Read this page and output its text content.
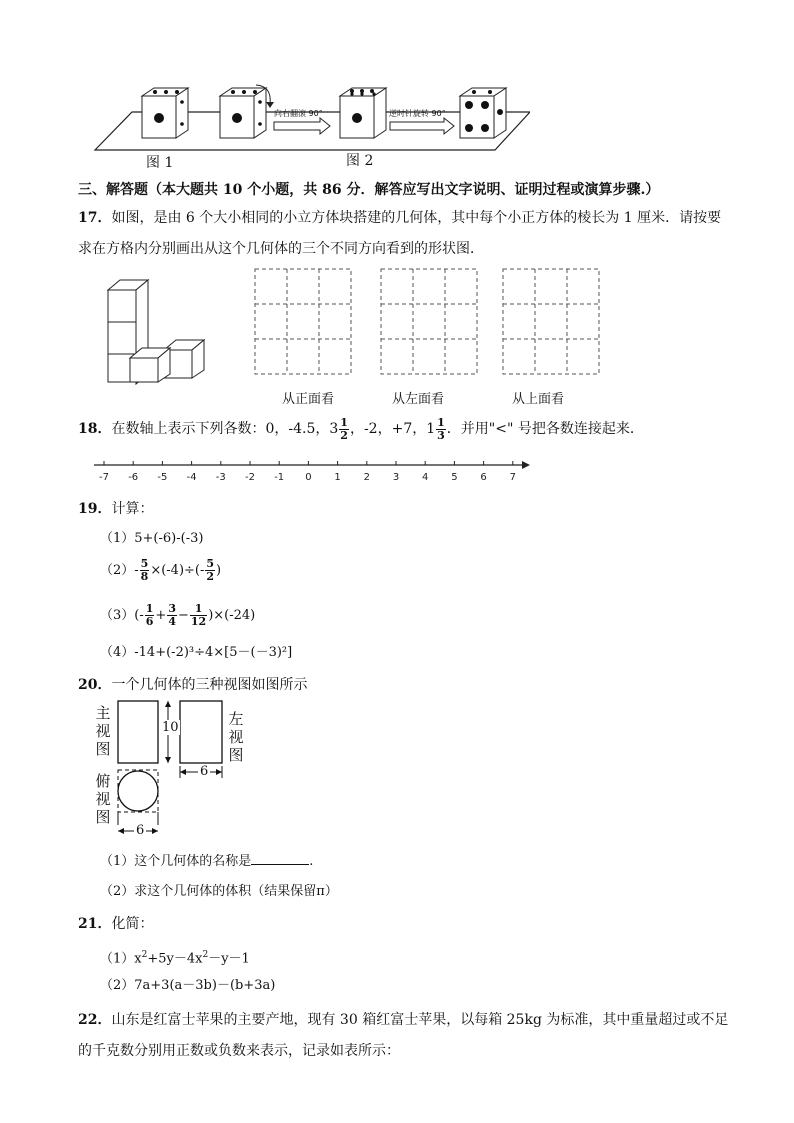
向右翻滚 90°	逆时针旋转 90°
图 1	图 2
三、解答题（本大题共 10 个小题，共 86 分．解答应写出文字说明、证明过程或演算步骤.）
17．如图，是由 6 个大小相同的小立方体块搭建的几何体，其中每个小正方体的棱长为 1 厘米．请按要
求在方格内分别画出从这个几何体的三个不同方向看到的形状图．
从正面看	从左面看	从上面看
18．在数轴上表示下列各数：0，-4.5，$3 \frac{1}{2}$ ，-2，+7，$1 \frac{1}{3}$ ．并用"<" 号把各数连接起来．
-7 -6 -5 -4 -3 -2 -1 0 1 2 3 4 5 6 7
19．计算：
（1）5+(-6)-(-3)
$(2)- \frac{5}{8} \times(-4)\div(- \frac{5}{2}$ )
$(3)(- \frac{1}{6} + \frac{3}{4} - \frac{1}{12} )\times(-24)$
（4）-14+(-2)³÷4×[5－(－3)²]
20．一个几何体的三种视图如图所示
主
视
图
左
视
图
俯
视
图
10
6
6
（1）这个几何体的名称是	.
（2）求这个几何体的体积（结果保留π）
21．化简：
$(1)x^2+5y-4x^2-y-1$
（2）7a+3(a－3b)－(b+3a)
22．山东是红富士苹果的主要产地，现有 30 箱红富士苹果，以每箱 25kg 为标准，其中重量超过或不足
的千克数分别用正数或负数来表示，记录如表所示：
